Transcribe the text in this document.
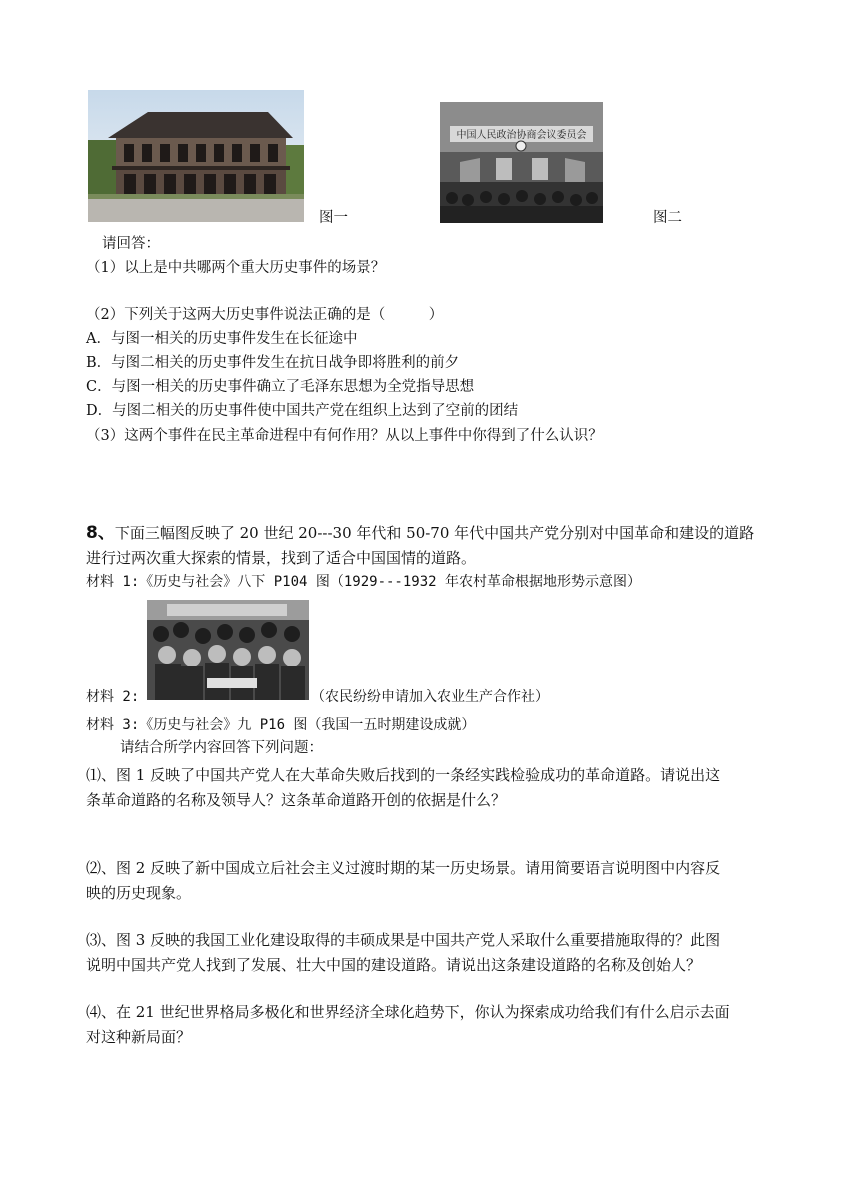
图一
中国人民政治协商会议委员会
图二
请回答：
（1）以上是中共哪两个重大历史事件的场景？
（2）下列关于这两大历史事件说法正确的是（　　　）
A．与图一相关的历史事件发生在长征途中
B．与图二相关的历史事件发生在抗日战争即将胜利的前夕
C．与图一相关的历史事件确立了毛泽东思想为全党指导思想
D．与图二相关的历史事件使中国共产党在组织上达到了空前的团结
（3）这两个事件在民主革命进程中有何作用？从以上事件中你得到了什么认识？
8、下面三幅图反映了 20 世纪 20---30 年代和 50-70 年代中国共产党分别对中国革命和建设的道路
进行过两次重大探索的情景，找到了适合中国国情的道路。
材料 1:《历史与社会》八下 P104 图（1929---1932 年农村革命根据地形势示意图）
材料 2:	（农民纷纷申请加入农业生产合作社）
材料 3:《历史与社会》九 P16 图（我国一五时期建设成就）
请结合所学内容回答下列问题：
⑴、图 1 反映了中国共产党人在大革命失败后找到的一条经实践检验成功的革命道路。请说出这
条革命道路的名称及领导人？这条革命道路开创的依据是什么？
⑵、图 2 反映了新中国成立后社会主义过渡时期的某一历史场景。请用简要语言说明图中内容反
映的历史现象。
⑶、图 3 反映的我国工业化建设取得的丰硕成果是中国共产党人采取什么重要措施取得的？此图
说明中国共产党人找到了发展、壮大中国的建设道路。请说出这条建设道路的名称及创始人？
⑷、在 21 世纪世界格局多极化和世界经济全球化趋势下，你认为探索成功给我们有什么启示去面
对这种新局面？
